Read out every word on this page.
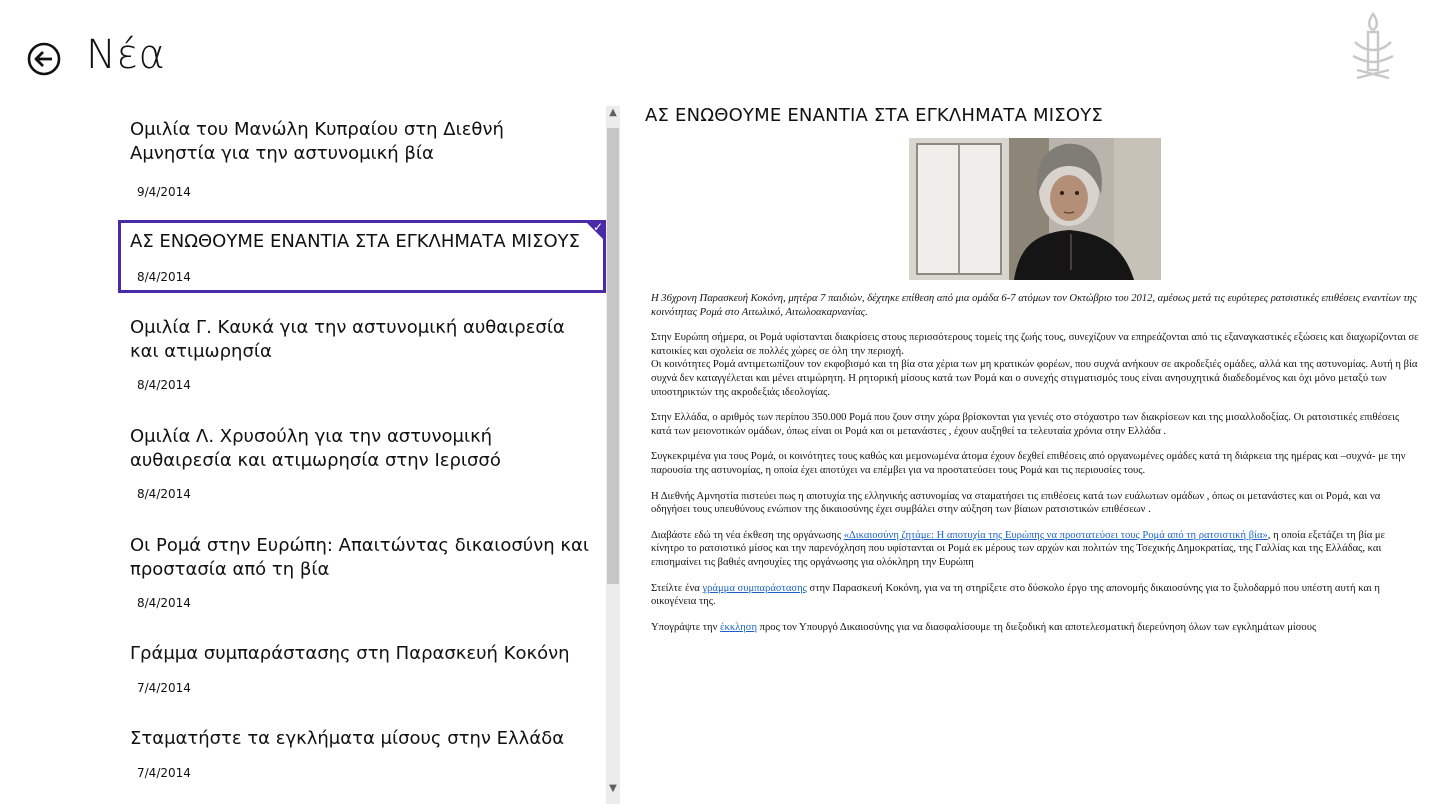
Νέα
Ομιλία του Μανώλη Κυπραίου στη Διεθνή Αμνηστία για την αστυνομική βία
9/4/2014
✓
ΑΣ ΕΝΩΘΟΥΜΕ ΕΝΑΝΤΙΑ ΣΤΑ ΕΓΚΛΗΜΑΤΑ ΜΙΣΟΥΣ
8/4/2014
Ομιλία Γ. Καυκά για την αστυνομική αυθαιρεσία και ατιμωρησία
8/4/2014
Ομιλία Λ. Χρυσούλη για την αστυνομική αυθαιρεσία και ατιμωρησία στην Ιερισσό
8/4/2014
Οι Ρομά στην Ευρώπη: Απαιτώντας δικαιοσύνη και προστασία από τη βία
8/4/2014
Γράμμα συμπαράστασης στη Παρασκευή Κοκόνη
7/4/2014
Σταματήστε τα εγκλήματα μίσους στην Ελλάδα
7/4/2014
▲
▼
ΑΣ ΕΝΩΘΟΥΜΕ ΕΝΑΝΤΙΑ ΣΤΑ ΕΓΚΛΗΜΑΤΑ ΜΙΣΟΥΣ

Η 36χρονη Παρασκευή Κοκόνη, μητέρα 7 παιδιών, δέχτηκε επίθεση από μια ομάδα 6-7 ατόμων τον Οκτώβριο του 2012, αμέσως μετά τις ευρύτερες ρατσιστικές επιθέσεις εναντίων της κοινότητας Ρομά στο Αιτωλικό, Αιτωλοακαρνανίας.

Στην Ευρώπη σήμερα, οι Ρομά υφίστανται διακρίσεις στους περισσότερους τομείς της ζωής τους, συνεχίζουν να επηρεάζονται από τις εξαναγκαστικές εξώσεις και διαχωρίζονται σε κατοικίες και σχολεία σε πολλές χώρες σε όλη την περιοχή.
Οι κοινότητες Ρομά αντιμετωπίζουν τον εκφοβισμό και τη βία στα χέρια των μη κρατικών φορέων, που συχνά ανήκουν σε ακροδεξιές ομάδες, αλλά και της αστυνομίας. Αυτή η βία συχνά δεν καταγγέλεται και μένει ατιμώρητη. Η ρητορική μίσους κατά των Ρομά και ο συνεχής στιγματισμός τους είναι ανησυχητικά διαδεδομένος και όχι μόνο μεταξύ των υποστηρικτών της ακροδεξιάς ιδεολογίας.

Στην Ελλάδα, ο αριθμός των περίπου 350.000 Ρομά που ζουν στην χώρα βρίσκονται για γενιές στο στόχαστρο των διακρίσεων και της μισαλλοδοξίας. Οι ρατσιστικές επιθέσεις κατά των μειονοτικών ομάδων, όπως είναι οι Ρομά και οι μετανάστες , έχουν αυξηθεί τα τελευταία χρόνια στην Ελλάδα .

Συγκεκριμένα για τους Ρομά, οι κοινότητες τους καθώς και μεμονωμένα άτομα έχουν δεχθεί επιθέσεις από οργανωμένες ομάδες κατά τη διάρκεια της ημέρας και –συχνά- με την παρουσία της αστυνομίας, η οποία έχει αποτύχει να επέμβει για να προστατεύσει τους Ρομά και τις περιουσίες τους.

Η Διεθνής Αμνηστία πιστεύει πως η αποτυχία της ελληνικής αστυνομίας να σταματήσει τις επιθέσεις κατά των ευάλωτων ομάδων , όπως οι μετανάστες και οι Ρομά, και να οδηγήσει τους υπευθύνους ενώπιον της δικαιοσύνης έχει συμβάλει στην αύξηση των βίαιων ρατσιστικών επιθέσεων .

Διαβάστε εδώ τη νέα έκθεση της οργάνωσης «Δικαιοσύνη ζητάμε: Η αποτυχία της Ευρώπης να προστατεύσει τους Ρομά από τη ρατσιστική βία», η οποία εξετάζει τη βία με κίνητρο το ρατσιστικό μίσος και την παρενόχληση που υφίστανται οι Ρομά εκ μέρους των αρχών και πολιτών της Τσεχικής Δημοκρατίας, της Γαλλίας και της Ελλάδας, και επισημαίνει τις βαθιές ανησυχίες της οργάνωσης για ολόκληρη την Ευρώπη

Στείλτε ένα γράμμα συμπαράστασης στην Παρασκευή Κοκόνη, για να τη στηρίξετε στο δύσκολο έργο της απονομής δικαιοσύνης για το ξυλοδαρμό που υπέστη αυτή και η οικογένεια της.

Υπογράψτε την έκκληση προς τον Υπουργό Δικαιοσύνης για να διασφαλίσουμε τη διεξοδική και αποτελεσματική διερεύνηση όλων των εγκλημάτων μίσους
